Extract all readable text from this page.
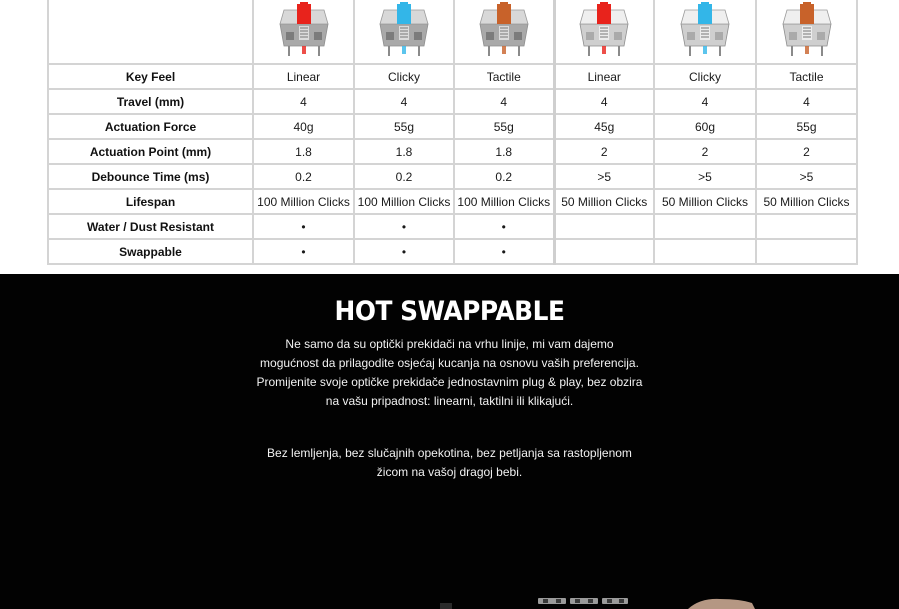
Key Feel	Linear	Clicky	Tactile	Linear	Clicky	Tactile
Travel (mm)	4	4	4	4	4	4
Actuation Force	40g	55g	55g	45g	60g	55g
Actuation Point (mm)	1.8	1.8	1.8	2	2	2
Debounce Time (ms)	0.2	0.2	0.2	>5	>5	>5
Lifespan	100 Million Clicks	100 Million Clicks	100 Million Clicks	50 Million Clicks	50 Million Clicks	50 Million Clicks
Water / Dust Resistant	•	•	•			
Swappable	•	•	•			
HOT SWAPPABLE
Ne samo da su optički prekidači na vrhu linije, mi vam dajemo
mogućnost da prilagodite osjećaj kucanja na osnovu vaših preferencija.
Promijenite svoje optičke prekidače jednostavnim plug & play, bez obzira
na vašu pripadnost: linearni, taktilni ili klikajući.
Bez lemljenja, bez slučajnih opekotina, bez petljanja sa rastopljenom
žicom na vašoj dragoj bebi.
